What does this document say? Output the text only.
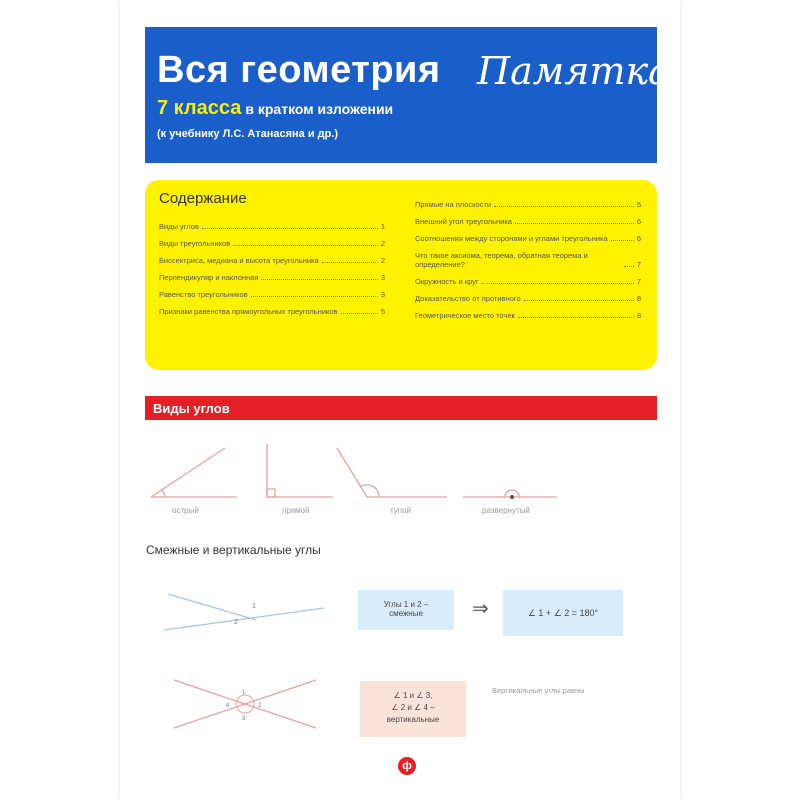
Вся геометрия
7 класса в кратком изложении
(к учебнику Л.С. Атанасяна и др.)
Памятка
Содержание
Виды углов	1
Виды треугольников	2
Биссектриса, медиана и высота треугольника	2
Перпендикуляр и наклонная	3
Равенство треугольников	3
Признаки равенства прямоугольных треугольников	5
Прямые на плоскости	5
Внешний угол треугольника	6
Соотношения между сторонами и углами треугольника	6
Что такое аксиома, теорема, обратная теорема и определение?	7
Окружность и круг	7
Доказательство от противного	8
Геометрическое место точек	8
Виды углов
острый	прямой	тупой	развернутый
Смежные и вертикальные углы
1
2
Углы 1 и 2 – смежные	⇒	∠ 1 + ∠ 2 = 180°
1
2
3
4
∠ 1 и ∠ 3,
∠ 2 и ∠ 4 –
вертикальные
Вертикальные углы равны
ф
